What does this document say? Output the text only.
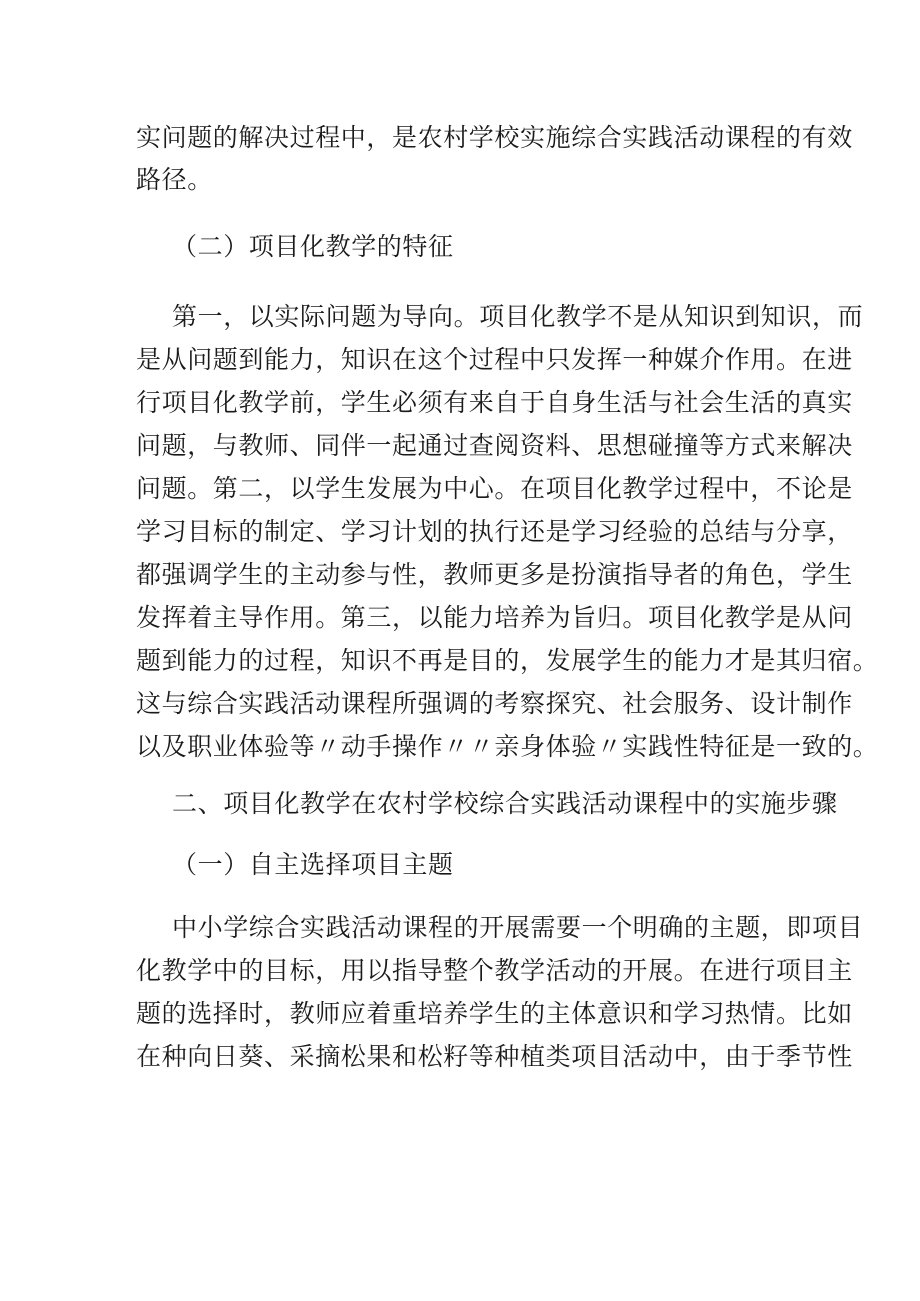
实问题的解决过程中，是农村学校实施综合实践活动课程的有效
路径。
（二）项目化教学的特征
第一，以实际问题为导向。项目化教学不是从知识到知识，而
是从问题到能力，知识在这个过程中只发挥一种媒介作用。在进
行项目化教学前，学生必须有来自于自身生活与社会生活的真实
问题，与教师、同伴一起通过查阅资料、思想碰撞等方式来解决
问题。第二，以学生发展为中心。在项目化教学过程中，不论是
学习目标的制定、学习计划的执行还是学习经验的总结与分享，
都强调学生的主动参与性，教师更多是扮演指导者的角色，学生
发挥着主导作用。第三，以能力培养为旨归。项目化教学是从问
题到能力的过程，知识不再是目的，发展学生的能力才是其归宿。
这与综合实践活动课程所强调的考察探究、社会服务、设计制作
以及职业体验等〃动手操作〃〃亲身体验〃实践性特征是一致的。
二、项目化教学在农村学校综合实践活动课程中的实施步骤
（一）自主选择项目主题
中小学综合实践活动课程的开展需要一个明确的主题，即项目
化教学中的目标，用以指导整个教学活动的开展。在进行项目主
题的选择时，教师应着重培养学生的主体意识和学习热情。比如
在种向日葵、采摘松果和松籽等种植类项目活动中，由于季节性
